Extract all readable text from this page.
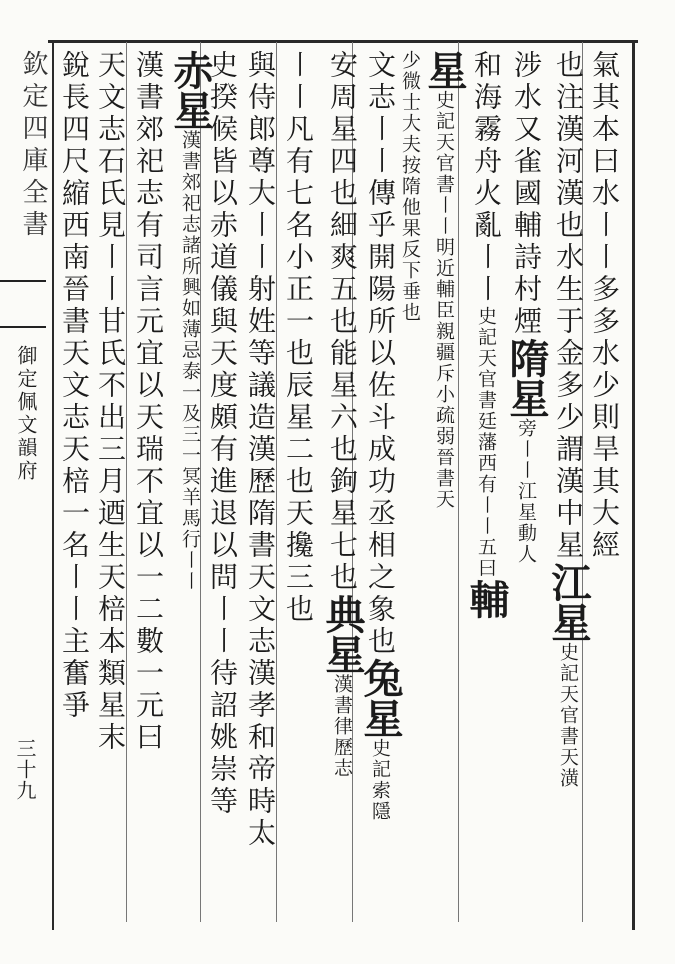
欽定四庫全書
御定佩文韻府
三十九
氣其本曰水〡〡多多水少則旱其大經
也注漢河漢也水生于金多少謂漢中星江星史記天官書天潢
涉水又雀國輔詩村煙隋星旁〡〡江星動人
和海霧舟火亂〡〡史記天官書廷藩西有〡〡五曰輔
星史記天官書〡〡明近輔臣親疆斥小疏弱晉書天
少微士大夫按隋他果反下垂也
文志〡〡傳乎開陽所以佐斗成功丞相之象也兔星史記索隱
安周星四也細爽五也能星六也鉤星七也典星漢書律歷志
〡〡凡有七名小正一也辰星二也天攙三也
與侍郎尊大〡〡射姓等議造漢歷隋書天文志漢孝和帝時太
史揆候皆以赤道儀與天度頗有進退以問〡〡待詔姚崇等
赤星漢書郊祀志諸所興如薄忌泰一及三一冥羊馬行〡〡
漢書郊祀志有司言元宜以天瑞不宜以一二數一元曰
天文志石氏見〡〡甘氏不出三月迺生天棓本類星末
銳長四尺縮西南晉書天文志天棓一名〡〡主奮爭
